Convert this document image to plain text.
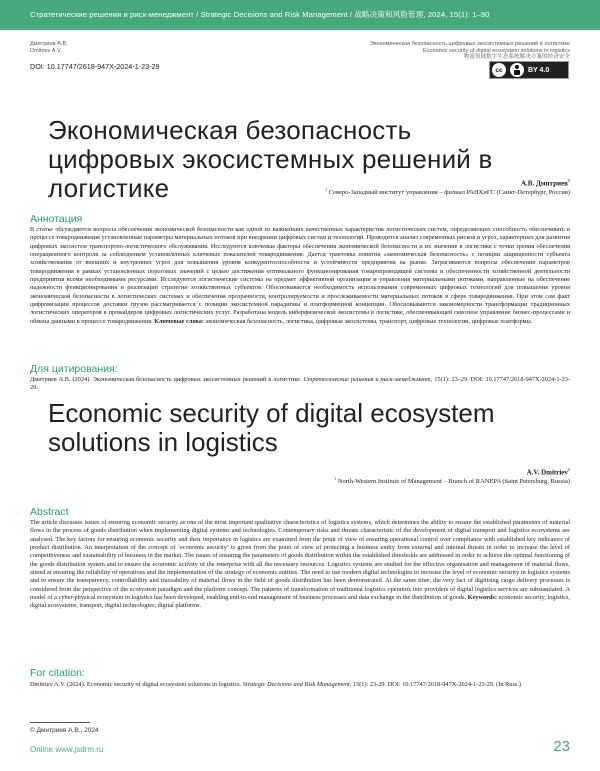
Стратегические решения и риск-менеджмент / Strategic Decisions and Risk Management / 战略决策和风险管理, 2024, 15(1): 1–90
Дмитриев А.В.
Dmitriev A.V.
Экономическая безопасность цифровых экосистемных решений в логистике
Economic security of digital ecosystem solutions in logistics
物流领域数字生态系统解决方案的经济安全
DOI: 10.17747/2618-947X-2024-1-23-29	cc	BY 4.0
Экономическая безопасность цифровых экосистемных решений в логистике	А.В. Дмитриев$^1$
$^1$ Северо-Западный институт управления – филиал РАНХиГС (Санкт-Петербург, Россия)
Аннотация
В статье обсуждаются вопросы обеспечения экономической безопасности как одной из важнейших качественных характеристик логистических систем, определяющих способность обеспечивать в процессе товародвижения установленные параметры материальных потоков при внедрении цифровых систем и технологий. Проводится анализ современных рисков и угроз, характерных для развития цифровых экосистем транспортно-логистического обслуживания. Исследуются ключевые факторы обеспечения экономической безопасности и их значение в логистике с точки зрения обеспечения операционного контроля за соблюдением установленных ключевых показателей товародвижения. Дается трактовка понятия «экономическая безопасность» с позиции защищенности субъекта хозяйствования от внешних и внутренних угроз для повышения уровня конкурентоспособности и устойчивости предприятия на рынке. Затрагиваются вопросы обеспечения параметров товародвижения в рамках установленных пороговых значений с целью достижения оптимального функционирования товаропроводящей системы и обеспеченности хозяйственной деятельности предприятия всеми необходимыми ресурсами. Исследуются логистические системы на предмет эффективной организации и управления материальными потоками, направленные на обеспечение надежности функционирования и реализации стратегии хозяйственных субъектов. Обосновывается необходимость использования современных цифровых технологий для повышения уровня экономической безопасности в логистических системах и обеспечения прозрачности, контролируемости и прослеживаемости материальных потоков в сфере товародвижения. При этом сам факт цифровизации процессов доставки грузов рассматривается с позиции экосистемной парадигмы и платформенной концепции. Обосновываются закономерности трансформации традиционных логистических операторов в провайдеров цифровых логистических услуг. Разработана модель киберфизической экосистемы в логистике, обеспечивающей сквозное управление бизнес-процессами и обмена данными в процессе товародвижения. Ключевые слова: экономическая безопасность, логистика, цифровые экосистемы, транспорт, цифровые технологии, цифровые платформы.
Для цитирования:
Дмитриев А.В. (2024). Экономическая безопасность цифровых экосистемных решений в логистике. Стратегические решения и риск-менеджмент, 15(1): 23–29. DOI: 10.17747/2618-947X-2024-1-23-29.
Economic security of digital ecosystem solutions in logistics
A.V. Dmitriev$^1$
$^1$ North-Western Institute of Management – Branch of RANEPA (Saint Petersburg, Russia)
Abstract
The article discusses issues of ensuring economic security as one of the most important qualitative characteristics of logistics systems, which determines the ability to ensure the established parameters of material flows in the process of goods distribution when implementing digital systems and technologies. Contemporary risks and threats characteristic of the development of digital transport and logistics ecosystems are analysed. The key factors for ensuring economic security and their importance in logistics are examined from the point of view of ensuring operational control over compliance with established key indicators of product distribution. An interpretation of the concept of ‘economic security’ is given from the point of view of protecting a business entity from external and internal threats in order to increase the level of competitiveness and sustainability of business in the market. The issues of ensuring the parameters of goods distribution within the established thresholds are addressed in order to achieve the optimal functioning of the goods distribution system and to ensure the economic activity of the enterprise with all the necessary resources. Logistics systems are studied for the effective organisation and management of material flows, aimed at ensuring the reliability of operations and the implementation of the strategy of economic entities. The need to use modern digital technologies to increase the level of economic security in logistics systems and to ensure the transparency, controllability and traceability of material flows in the field of goods distribution has been demonstrated. At the same time, the very fact of digitising cargo delivery processes is considered from the perspective of the ecosystem paradigm and the platform concept. The patterns of transformation of traditional logistics operators into providers of digital logistics services are substantiated. A model of a cyber-physical ecosystem in logistics has been developed, enabling end-to-end management of business processes and data exchange in the distribution of goods. Keywords: economic security, logistics, digital ecosystems, transport, digital technologies, digital platforms.
For citation:
Dmitriev A.V. (2024). Economic security of digital ecosystem solutions in logistics. Strategic Decisions and Risk Management, 15(1): 23-29. DOI: 10.17747/2618-947X-2024-1-23-29. (In Russ.)
© Дмитриев А.В., 2024
Online www.jsdrm.ru	23
